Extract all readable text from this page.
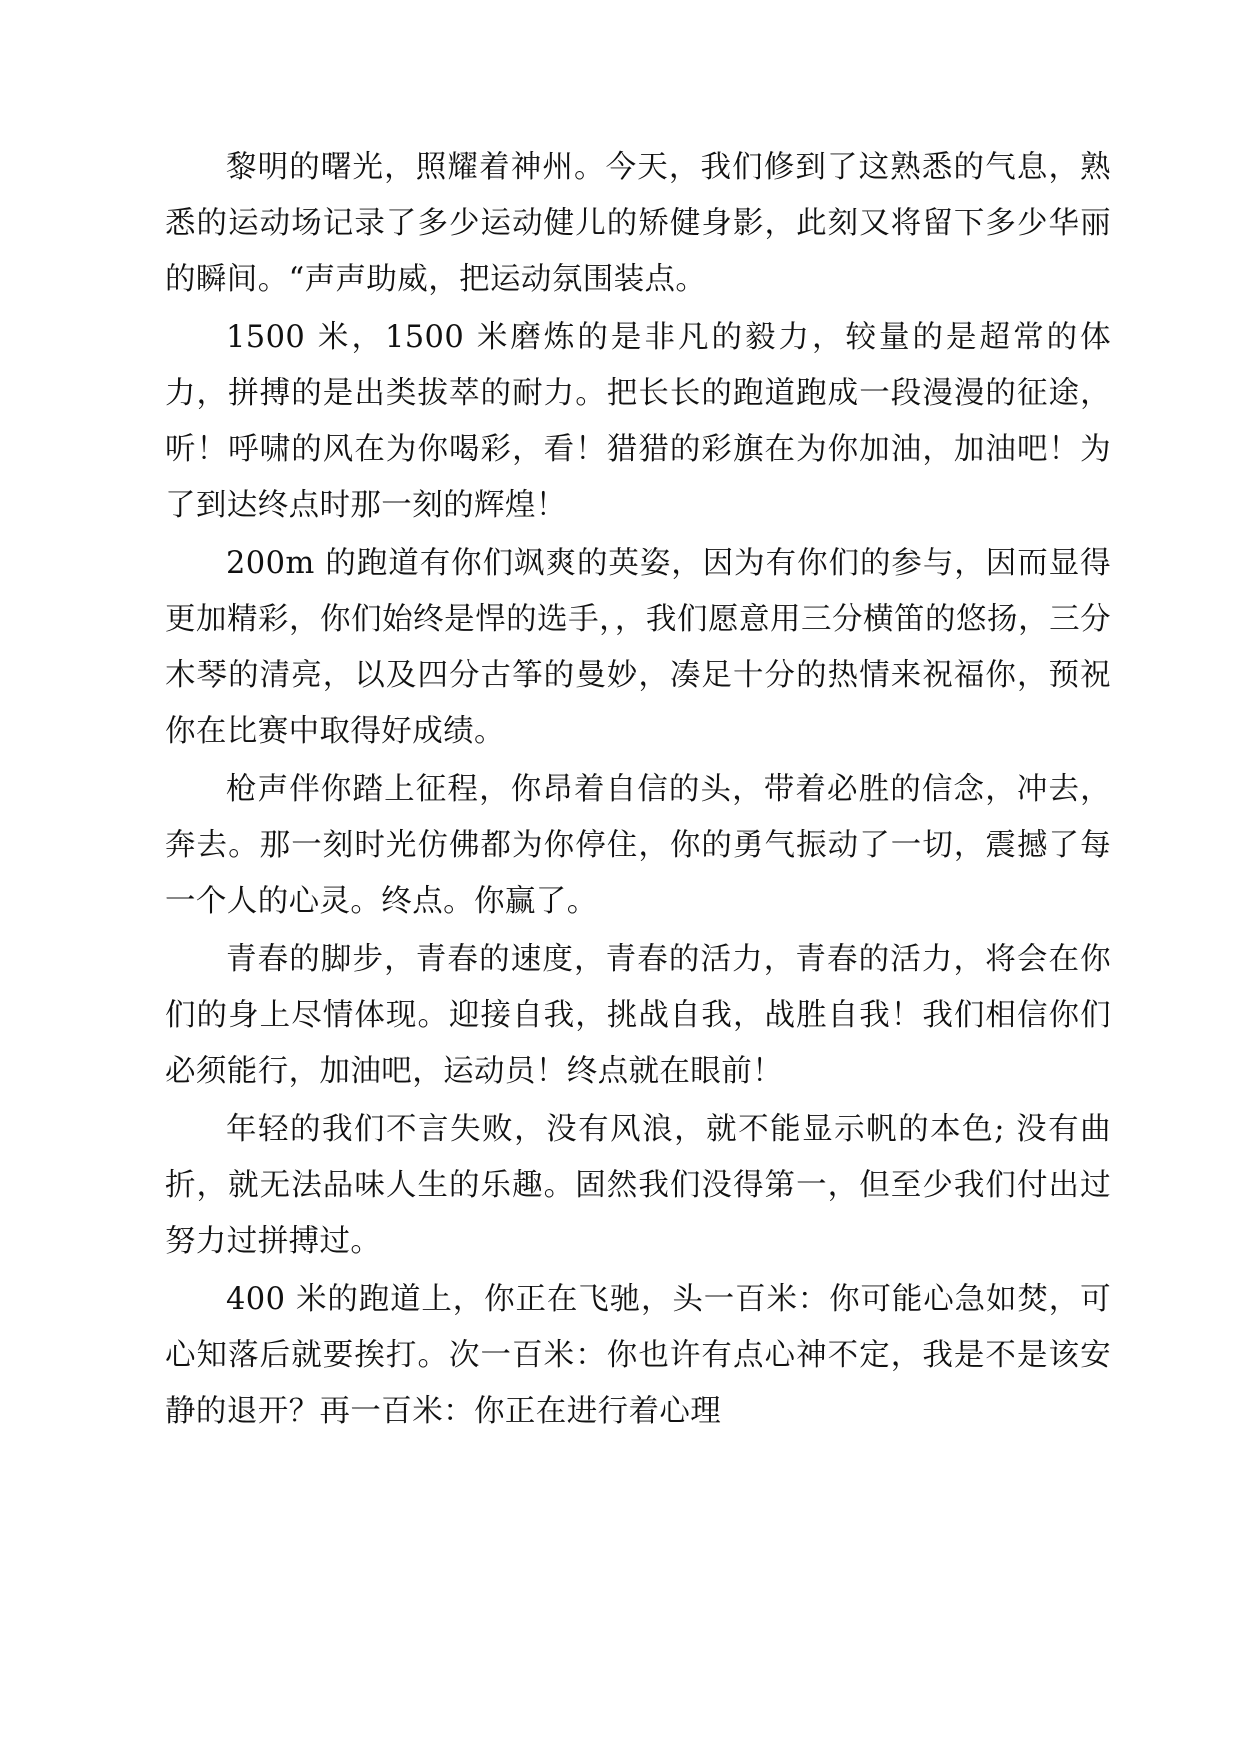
黎明的曙光，照耀着神州。今天，我们修到了这熟悉的气息，熟悉的运动场记录了多少运动健儿的矫健身影，此刻又将留下多少华丽的瞬间。“声声助威，把运动氛围装点。

1500 米，1500 米磨炼的是非凡的毅力，较量的是超常的体力，拼搏的是出类拔萃的耐力。把长长的跑道跑成一段漫漫的征途，听！呼啸的风在为你喝彩，看！猎猎的彩旗在为你加油，加油吧！为了到达终点时那一刻的辉煌！

200m 的跑道有你们飒爽的英姿，因为有你们的参与，因而显得更加精彩，你们始终是悍的选手，，我们愿意用三分横笛的悠扬，三分木琴的清亮，以及四分古筝的曼妙，凑足十分的热情来祝福你，预祝你在比赛中取得好成绩。

枪声伴你踏上征程，你昂着自信的头，带着必胜的信念，冲去，奔去。那一刻时光仿佛都为你停住，你的勇气振动了一切，震撼了每一个人的心灵。终点。你赢了。

青春的脚步，青春的速度，青春的活力，青春的活力，将会在你们的身上尽情体现。迎接自我，挑战自我，战胜自我！我们相信你们必须能行，加油吧，运动员！终点就在眼前！

年轻的我们不言失败，没有风浪，就不能显示帆的本色; 没有曲折，就无法品味人生的乐趣。固然我们没得第一，但至少我们付出过努力过拼搏过。

400 米的跑道上，你正在飞驰，头一百米：你可能心急如焚，可心知落后就要挨打。次一百米：你也许有点心神不定，我是不是该安静的退开？再一百米：你正在进行着心理
